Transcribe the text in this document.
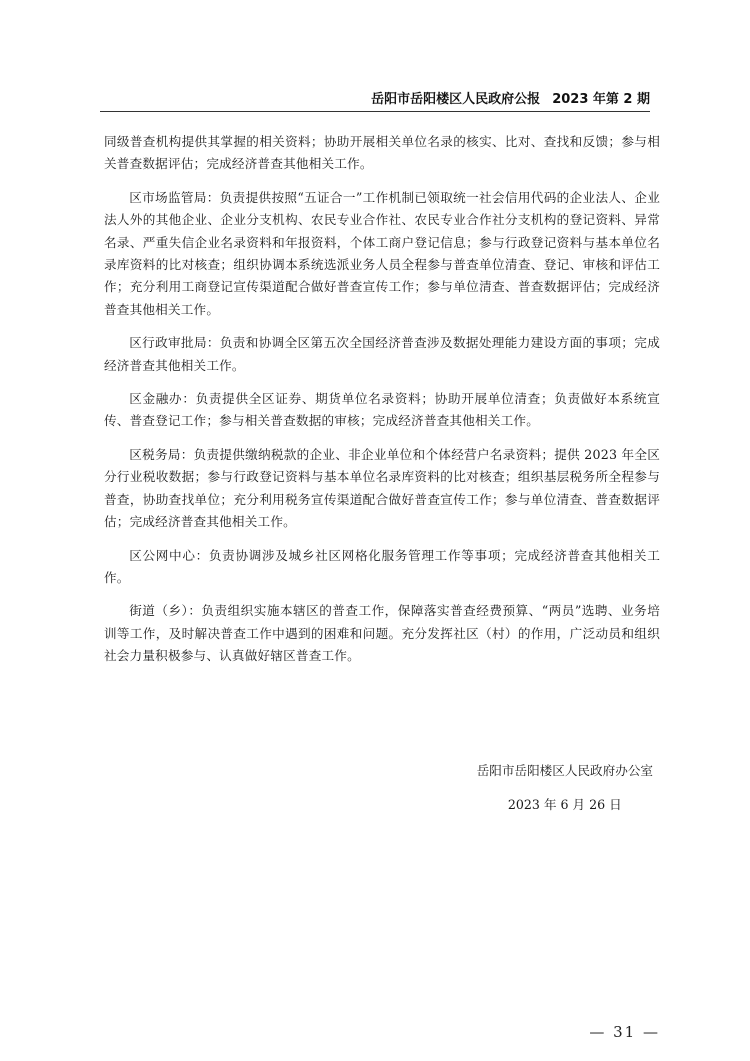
岳阳市岳阳楼区人民政府公报 2023 年第 2 期

同级普查机构提供其掌握的相关资料；协助开展相关单位名录的核实、比对、查找和反馈；参与相关普查数据评估；完成经济普查其他相关工作。

区市场监管局：负责提供按照“五证合一”工作机制已领取统一社会信用代码的企业法人、企业法人外的其他企业、企业分支机构、农民专业合作社、农民专业合作社分支机构的登记资料、异常名录、严重失信企业名录资料和年报资料，个体工商户登记信息；参与行政登记资料与基本单位名录库资料的比对核查；组织协调本系统选派业务人员全程参与普查单位清查、登记、审核和评估工作；充分利用工商登记宣传渠道配合做好普查宣传工作；参与单位清查、普查数据评估；完成经济普查其他相关工作。

区行政审批局：负责和协调全区第五次全国经济普查涉及数据处理能力建设方面的事项；完成经济普查其他相关工作。

区金融办：负责提供全区证券、期货单位名录资料；协助开展单位清查；负责做好本系统宣传、普查登记工作；参与相关普查数据的审核；完成经济普查其他相关工作。

区税务局：负责提供缴纳税款的企业、非企业单位和个体经营户名录资料；提供 2023 年全区分行业税收数据；参与行政登记资料与基本单位名录库资料的比对核查；组织基层税务所全程参与普查，协助查找单位；充分利用税务宣传渠道配合做好普查宣传工作；参与单位清查、普查数据评估；完成经济普查其他相关工作。

区公网中心：负责协调涉及城乡社区网格化服务管理工作等事项；完成经济普查其他相关工作。

街道（乡）：负责组织实施本辖区的普查工作，保障落实普查经费预算、“两员”选聘、业务培训等工作，及时解决普查工作中遇到的困难和问题。充分发挥社区（村）的作用，广泛动员和组织社会力量积极参与、认真做好辖区普查工作。

岳阳市岳阳楼区人民政府办公室
2023 年 6 月 26 日
— 31 —
